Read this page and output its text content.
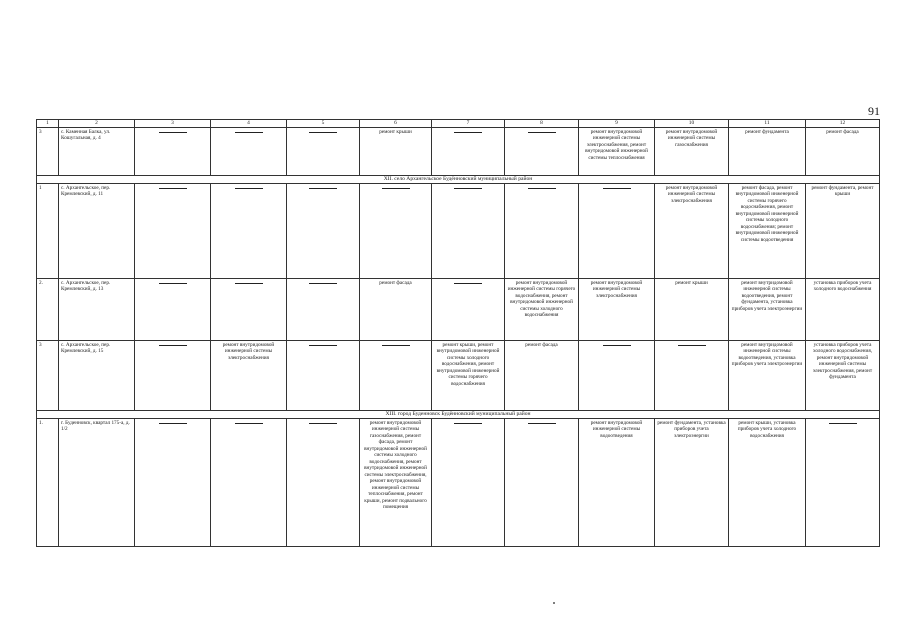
91
1	2	3	4	5	6	7	8	9	10	11	12
3	с. Каменная Балка, ул. Кошугальная, д. 4				ремонт крыши			ремонт внутридомовой инженерной системы электроснабжения, ремонт внутридомовой инженерной системы теплоснабжения	ремонт внутридомовой инженерной системы газоснабжения	ремонт фундамента	ремонт фасада
XII. село Архангельское Будённовский муниципальный район											
1	с. Архангельское, пер. Кремлевский, д. 11								ремонт внутридомовой инженерной системы электроснабжения	ремонт фасада, ремонт внутридомовой инженерной системы горячего водоснабжения, ремонт внутридомовой инженерной системы холодного водоснабжения; ремонт внутридомовой инженерной системы водоотведения	ремонт фундамента, ремонт крыши
2.	с. Архангельское, пер. Кремлевский, д. 13				ремонт фасада		ремонт внутридомовой инженерной системы горячего водоснабжения, ремонт внутридомовой инженерной системы холодного водоснабжения	ремонт внутридомовой инженерной системы электроснабжения	ремонт крыши	ремонт внутридомовой инженерной системы водоотведения, ремонт фундамента, установка приборов учета электроэнергии	установка приборов учета холодного водоснабжения
3	с. Архангельское, пер. Кремлевский, д. 15		ремонт внутридомовой инженерной системы электроснабжения			ремонт крыши, ремонт внутридомовой инженерной системы холодного водоснабжения, ремонт внутридомовой инженерной системы горячего водоснабжения	ремонт фасада			ремонт внутридомовой инженерной системы водоотведения, установка приборов учета электроэнергии	установка приборов учета холодного водоснабжения, ремонт внутридомовой инженерной системы электроснабжения, ремонт фундамента
XIII. город Буденновск Будённовский муниципальный район											
1.	г. Буденновск, квартал 175-а, д. 1/2				ремонт внутридомовой инженерной системы газоснабжения, ремонт фасада, ремонт внутридомовой инженерной системы холодного водоснабжения, ремонт внутридомовой инженерной системы электроснабжения, ремонт внутридомовой инженерной системы теплоснабжения, ремонт крыши, ремонт подвального помещения			ремонт внутридомовой инженерной системы водоотведения	ремонт фундамента, установка приборов учета электроэнергии	ремонт крыши, установка приборов учета холодного водоснабжения	
